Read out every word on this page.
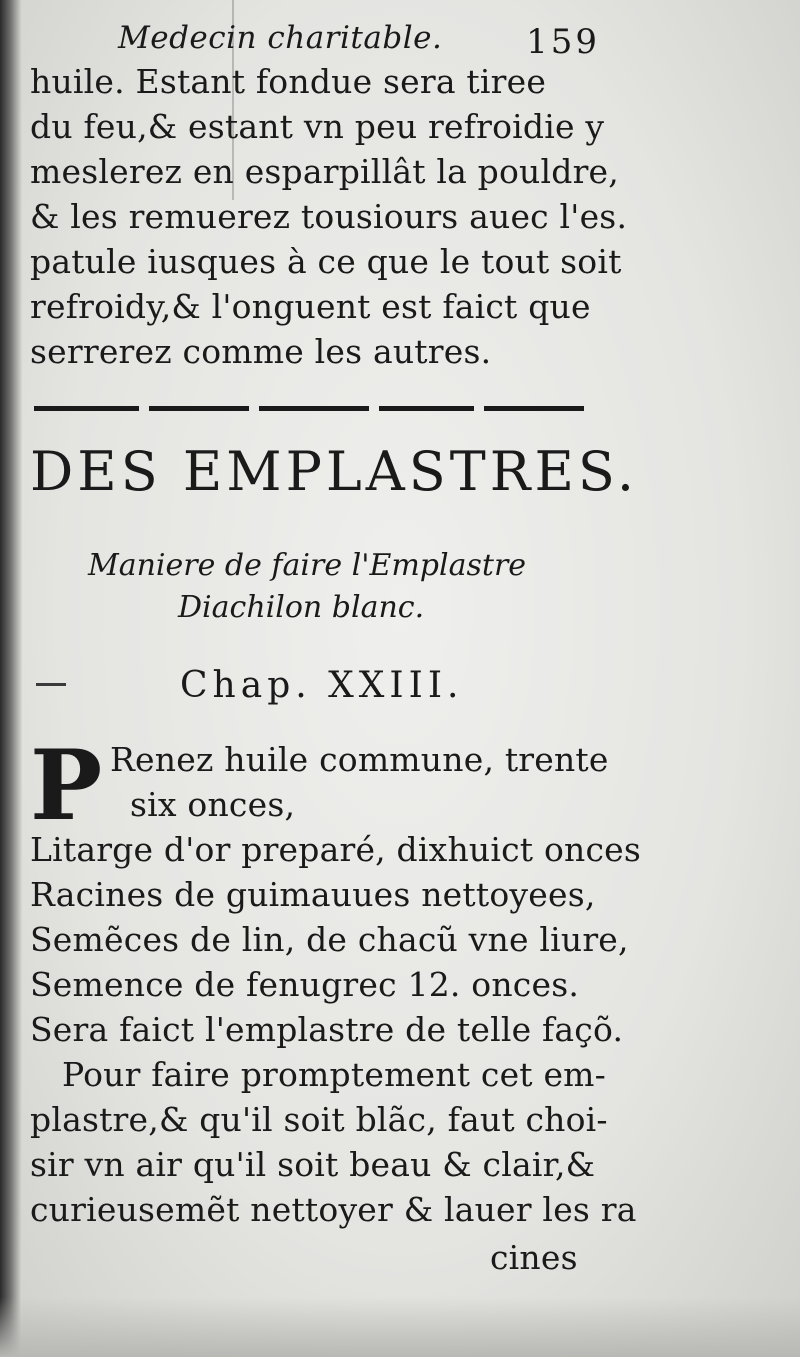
Medecin charitable. 159
huile. Estant fondue sera tiree
du feu,& estant vn peu refroidie y
meslerez en esparpillât la pouldre,
& les remuerez tousiours auec l'es.
patule iusques à ce que le tout soit
refroidy,& l'onguent est faict que
serrerez comme les autres.
DES EMPLASTRES.
Maniere de faire l'Emplastre
Diachilon blanc.
Chap. XXIII.
P Renez huile commune, trente
six onces,
Litarge d'or preparé, dixhuict onces
Racines de guimauues nettoyees,
Semẽces de lin, de chacũ vne liure,
Semence de fenugrec 12. onces.
Sera faict l'emplastre de telle façõ.
Pour faire promptement cet em-
plastre,& qu'il soit blãc, faut choi-
sir vn air qu'il soit beau & clair,&
curieusemẽt nettoyer & lauer les ra
cines
